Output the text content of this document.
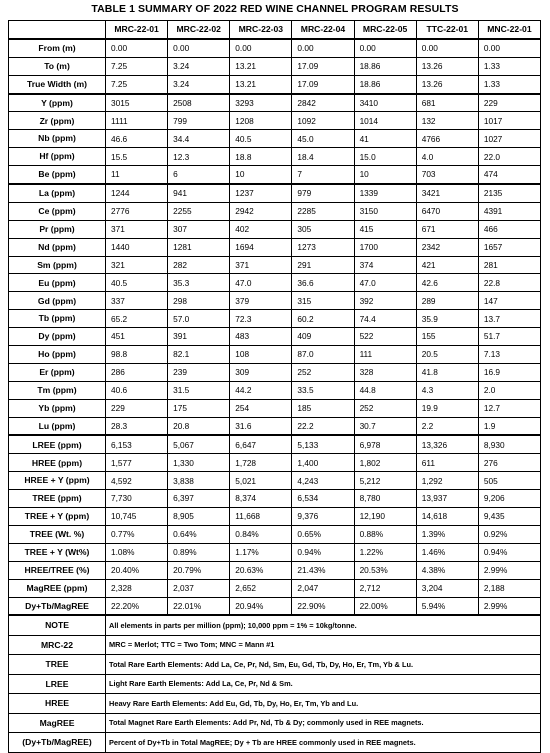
TABLE 1 SUMMARY OF 2022 RED WINE CHANNEL PROGRAM RESULTS
	MRC-22-01	MRC-22-02	MRC-22-03	MRC-22-04	MRC-22-05	TTC-22-01	MNC-22-01
From (m)	0.00	0.00	0.00	0.00	0.00	0.00	0.00
To (m)	7.25	3.24	13.21	17.09	18.86	13.26	1.33
True Width (m)	7.25	3.24	13.21	17.09	18.86	13.26	1.33
Y (ppm)	3015	2508	3293	2842	3410	681	229
Zr (ppm)	1111	799	1208	1092	1014	132	1017
Nb (ppm)	46.6	34.4	40.5	45.0	41	4766	1027
Hf (ppm)	15.5	12.3	18.8	18.4	15.0	4.0	22.0
Be (ppm)	11	6	10	7	10	703	474
La (ppm)	1244	941	1237	979	1339	3421	2135
Ce (ppm)	2776	2255	2942	2285	3150	6470	4391
Pr (ppm)	371	307	402	305	415	671	466
Nd (ppm)	1440	1281	1694	1273	1700	2342	1657
Sm (ppm)	321	282	371	291	374	421	281
Eu (ppm)	40.5	35.3	47.0	36.6	47.0	42.6	22.8
Gd (ppm)	337	298	379	315	392	289	147
Tb (ppm)	65.2	57.0	72.3	60.2	74.4	35.9	13.7
Dy (ppm)	451	391	483	409	522	155	51.7
Ho (ppm)	98.8	82.1	108	87.0	111	20.5	7.13
Er (ppm)	286	239	309	252	328	41.8	16.9
Tm (ppm)	40.6	31.5	44.2	33.5	44.8	4.3	2.0
Yb (ppm)	229	175	254	185	252	19.9	12.7
Lu (ppm)	28.3	20.8	31.6	22.2	30.7	2.2	1.9
LREE (ppm)	6,153	5,067	6,647	5,133	6,978	13,326	8,930
HREE (ppm)	1,577	1,330	1,728	1,400	1,802	611	276
HREE + Y (ppm)	4,592	3,838	5,021	4,243	5,212	1,292	505
TREE (ppm)	7,730	6,397	8,374	6,534	8,780	13,937	9,206
TREE + Y (ppm)	10,745	8,905	11,668	9,376	12,190	14,618	9,435
TREE (Wt. %)	0.77%	0.64%	0.84%	0.65%	0.88%	1.39%	0.92%
TREE + Y (Wt%)	1.08%	0.89%	1.17%	0.94%	1.22%	1.46%	0.94%
HREE/TREE (%)	20.40%	20.79%	20.63%	21.43%	20.53%	4.38%	2.99%
MagREE (ppm)	2,328	2,037	2,652	2,047	2,712	3,204	2,188
Dy+Tb/MagREE	22.20%	22.01%	20.94%	22.90%	22.00%	5.94%	2.99%
NOTE	All elements in parts per million (ppm); 10,000 ppm = 1% = 10kg/tonne.						
MRC-22	MRC = Merlot; TTC = Two Tom; MNC = Mann #1						
TREE	Total Rare Earth Elements: Add La, Ce, Pr, Nd, Sm, Eu, Gd, Tb, Dy, Ho, Er, Tm, Yb & Lu.						
LREE	Light Rare Earth Elements: Add La, Ce, Pr, Nd & Sm.						
HREE	Heavy Rare Earth Elements: Add Eu, Gd, Tb, Dy, Ho, Er, Tm, Yb and Lu.						
MagREE	Total Magnet Rare Earth Elements: Add Pr, Nd, Tb & Dy; commonly used in REE magnets.						
(Dy+Tb/MagREE)	Percent of Dy+Tb in Total MagREE; Dy + Tb are HREE commonly used in REE magnets.						
